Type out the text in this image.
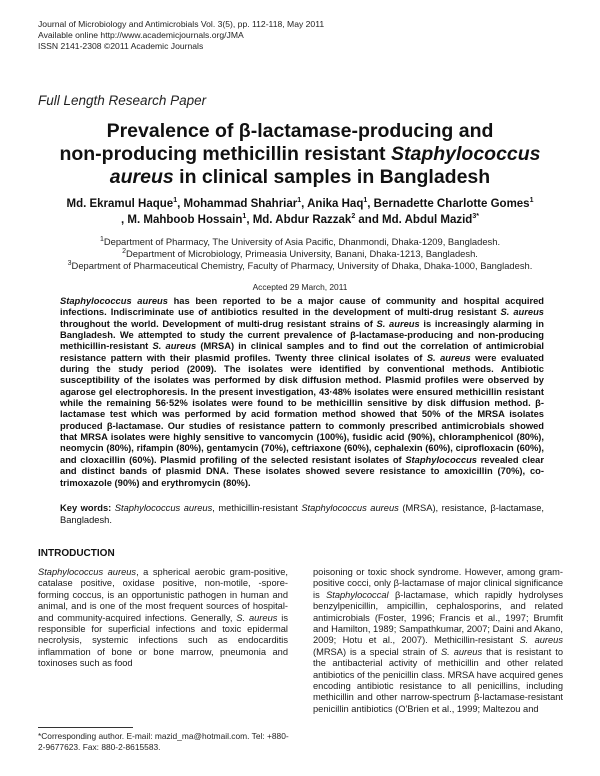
Journal of Microbiology and Antimicrobials Vol. 3(5), pp. 112-118, May 2011
Available online http://www.academicjournals.org/JMA
ISSN 2141-2308 ©2011 Academic Journals
Full Length Research Paper
Prevalence of β-lactamase-producing and
non-producing methicillin resistant Staphylococcus aureus in clinical samples in Bangladesh
Md. Ekramul Haque$^1$, Mohammad Shahriar$^1$, Anika Haq$^1$, Bernadette Charlotte Gomes$^1$
, M. Mahboob Hossain$^1$, Md. Abdur Razzak$^2$ and Md. Abdul Mazid$^{3*}$
$^1$Department of Pharmacy, The University of Asia Pacific, Dhanmondi, Dhaka-1209, Bangladesh.
$^2$Department of Microbiology, Primeasia University, Banani, Dhaka-1213, Bangladesh.
$^3$Department of Pharmaceutical Chemistry, Faculty of Pharmacy, University of Dhaka, Dhaka-1000, Bangladesh.
Accepted 29 March, 2011

Staphylococcus aureus has been reported to be a major cause of community and hospital acquired infections. Indiscriminate use of antibiotics resulted in the development of multi-drug resistant S. aureus throughout the world. Development of multi-drug resistant strains of S. aureus is increasingly alarming in Bangladesh. We attempted to study the current prevalence of β-lactamase-producing and non-producing methicillin-resistant S. aureus (MRSA) in clinical samples and to find out the correlation of antimicrobial resistance pattern with their plasmid profiles. Twenty three clinical isolates of S. aureus were evaluated during the study period (2009). The isolates were identified by conventional methods. Antibiotic susceptibility of the isolates was performed by disk diffusion method. Plasmid profiles were observed by agarose gel electrophoresis. In the present investigation, 43·48% isolates were ensured methicillin resistant while the remaining 56·52% isolates were found to be methicillin sensitive by disk diffusion method. β-lactamase test which was performed by acid formation method showed that 50% of the MRSA isolates produced β-lactamase. Our studies of resistance pattern to commonly prescribed antimicrobials showed that MRSA isolates were highly sensitive to vancomycin (100%), fusidic acid (90%), chloramphenicol (80%), neomycin (80%), rifampin (80%), gentamycin (70%), ceftriaxone (60%), cephalexin (60%), ciprofloxacin (60%), and cloxacillin (60%). Plasmid profiling of the selected resistant isolates of Staphylococcus revealed clear and distinct bands of plasmid DNA. These isolates showed severe resistance to amoxicillin (70%), co-trimoxazole (90%) and erythromycin (80%).

Key words: Staphylococcus aureus, methicillin-resistant Staphylococcus aureus (MRSA), resistance, β-lactamase, Bangladesh.
INTRODUCTION
Staphylococcus aureus, a spherical aerobic gram-positive, catalase positive, oxidase positive, non-motile, -spore-forming coccus, is an opportunistic pathogen in human and animal, and is one of the most frequent sources of hospital- and community-acquired infections. Generally, S. aureus is responsible for superficial infections and toxic epidermal necrolysis, systemic infections such as endocarditis inflammation of bone or bone marrow, pneumonia and toxinoses such as food
poisoning or toxic shock syndrome. However, among gram-positive cocci, only β-lactamase of major clinical significance is Staphylococcal β-lactamase, which rapidly hydrolyses benzylpenicillin, ampicillin, cephalosporins, and related antimicrobials (Foster, 1996; Francis et al., 1997; Brumfit and Hamilton, 1989; Sampathkumar, 2007; Daini and Akano, 2009; Hotu et al., 2007). Methicillin-resistant S. aureus (MRSA) is a special strain of S. aureus that is resistant to the antibacterial activity of methicillin and other related antibiotics of the penicillin class. MRSA have acquired genes encoding antibiotic resistance to all penicillins, including methicillin and other narrow-spectrum β-lactamase-resistant penicillin antibiotics (O'Brien et al., 1999; Maltezou and
*Corresponding author. E-mail: mazid_ma@hotmail.com. Tel: +880-2-9677623. Fax: 880-2-8615583.
